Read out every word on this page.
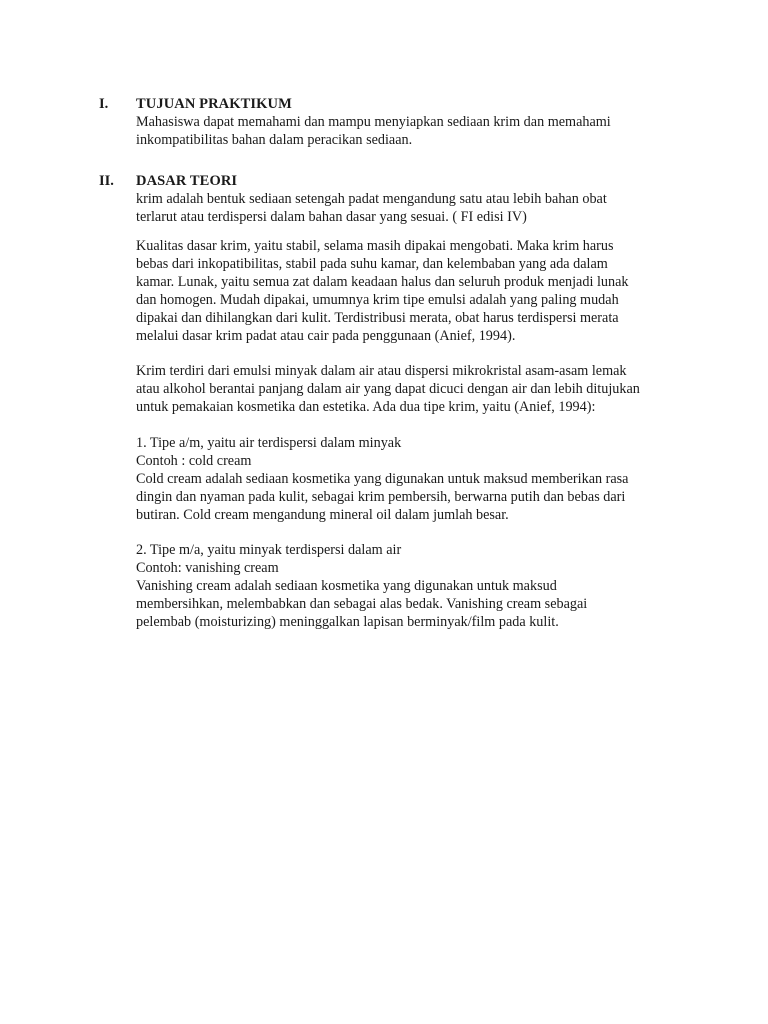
I. TUJUAN PRAKTIKUM
Mahasiswa dapat memahami dan mampu menyiapkan sediaan krim dan memahami
inkompatibilitas bahan dalam peracikan sediaan.
II. DASAR TEORI
krim adalah bentuk sediaan setengah padat mengandung satu atau lebih bahan obat
terlarut atau terdispersi dalam bahan dasar yang sesuai. ( FI edisi IV)
Kualitas dasar krim, yaitu stabil, selama masih dipakai mengobati. Maka krim harus
bebas dari inkopatibilitas, stabil pada suhu kamar, dan kelembaban yang ada dalam
kamar. Lunak, yaitu semua zat dalam keadaan halus dan seluruh produk menjadi lunak
dan homogen. Mudah dipakai, umumnya krim tipe emulsi adalah yang paling mudah
dipakai dan dihilangkan dari kulit. Terdistribusi merata, obat harus terdispersi merata
melalui dasar krim padat atau cair pada penggunaan (Anief, 1994).
Krim terdiri dari emulsi minyak dalam air atau dispersi mikrokristal asam-asam lemak
atau alkohol berantai panjang dalam air yang dapat dicuci dengan air dan lebih ditujukan
untuk pemakaian kosmetika dan estetika. Ada dua tipe krim, yaitu (Anief, 1994):
1. Tipe a/m, yaitu air terdispersi dalam minyak
Contoh : cold cream
Cold cream adalah sediaan kosmetika yang digunakan untuk maksud memberikan rasa
dingin dan nyaman pada kulit, sebagai krim pembersih, berwarna putih dan bebas dari
butiran. Cold cream mengandung mineral oil dalam jumlah besar.
2. Tipe m/a, yaitu minyak terdispersi dalam air
Contoh: vanishing cream
Vanishing cream adalah sediaan kosmetika yang digunakan untuk maksud
membersihkan, melembabkan dan sebagai alas bedak. Vanishing cream sebagai
pelembab (moisturizing) meninggalkan lapisan berminyak/film pada kulit.
